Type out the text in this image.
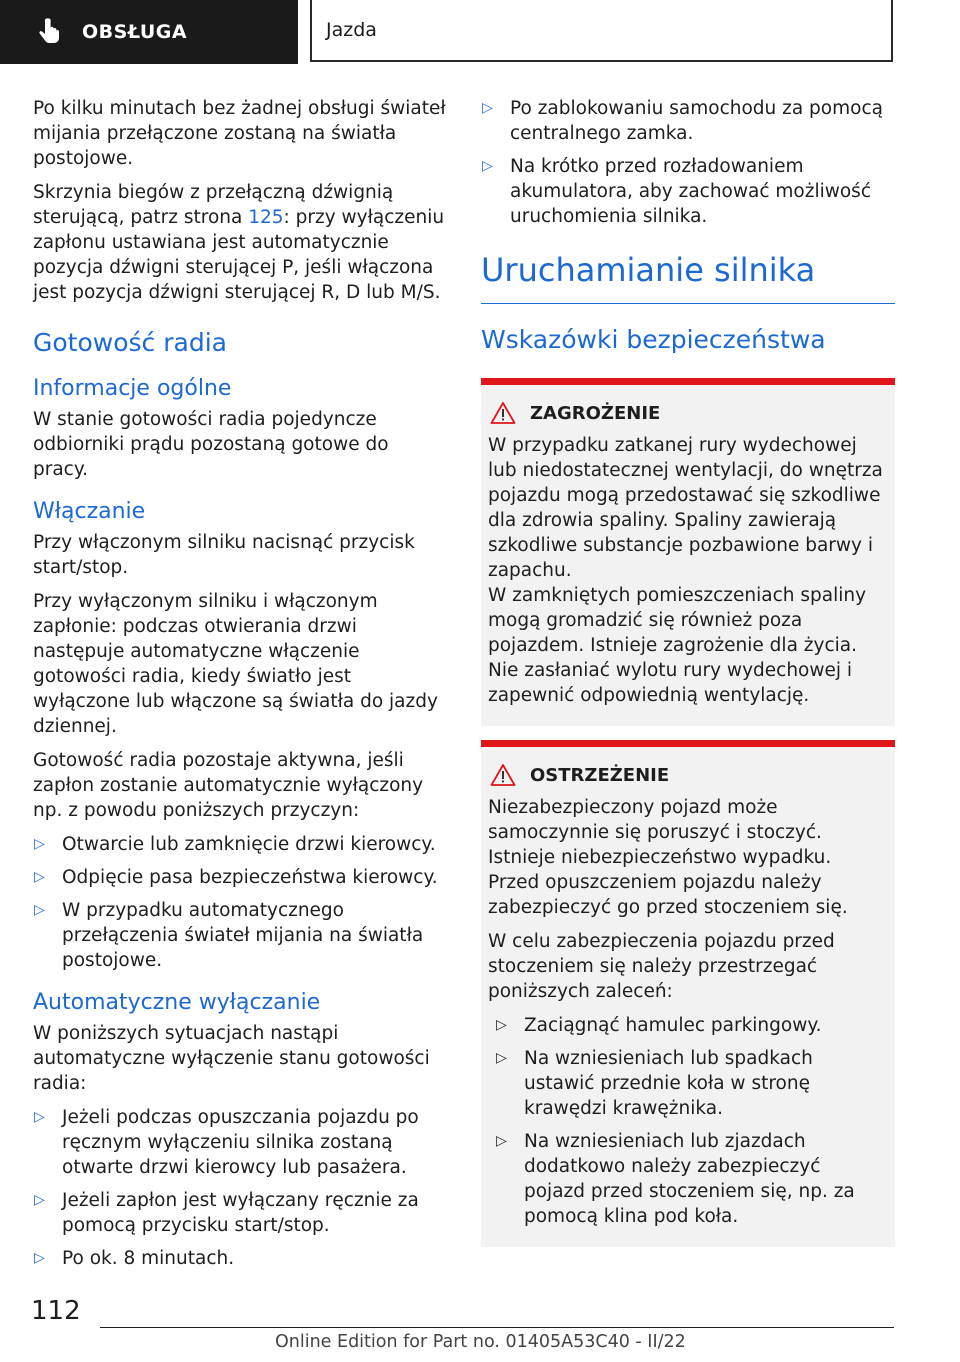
OBSŁUGA	Jazda

Po kilku minutach bez żadnej obsługi świateł mijania przełączone zostaną na światła postojowe.

Skrzynia biegów z przełączną dźwignią sterującą, patrz strona 125: przy wyłączeniu zapłonu ustawiana jest automatycznie pozycja dźwigni sterującej P, jeśli włączona jest pozycja dźwigni sterującej R, D lub M/S.

Gotowość radia
Informacje ogólne

W stanie gotowości radia pojedyncze odbiorniki prądu pozostaną gotowe do pracy.

Włączanie

Przy włączonym silniku nacisnąć przycisk start/stop.

Przy wyłączonym silniku i włączonym zapłonie: podczas otwierania drzwi następuje automatyczne włączenie gotowości radia, kiedy światło jest wyłączone lub włączone są światła do jazdy dziennej.

Gotowość radia pozostaje aktywna, jeśli zapłon zostanie automatycznie wyłączony np. z powodu poniższych przyczyn:

▷ Otwarcie lub zamknięcie drzwi kierowcy.
▷ Odpięcie pasa bezpieczeństwa kierowcy.
▷ W przypadku automatycznego przełączenia świateł mijania na światła postojowe.
Automatyczne wyłączanie

W poniższych sytuacjach nastąpi automatyczne wyłączenie stanu gotowości radia:

▷ Jeżeli podczas opuszczania pojazdu po ręcznym wyłączeniu silnika zostaną otwarte drzwi kierowcy lub pasażera.
▷ Jeżeli zapłon jest wyłączany ręcznie za pomocą przycisku start/stop.
▷ Po ok. 8 minutach.
▷ Po zablokowaniu samochodu za pomocą centralnego zamka.
▷ Na krótko przed rozładowaniem akumulatora, aby zachować możliwość uruchomienia silnika.
Uruchamianie silnika
Wskazówki bezpieczeństwa
ZAGROŻENIE

W przypadku zatkanej rury wydechowej lub niedostatecznej wentylacji, do wnętrza pojazdu mogą przedostawać się szkodliwe dla zdrowia spaliny. Spaliny zawierają szkodliwe substancje pozbawione barwy i zapachu.

W zamkniętych pomieszczeniach spaliny mogą gromadzić się również poza pojazdem. Istnieje zagrożenie dla życia. Nie zasłaniać wylotu rury wydechowej i zapewnić odpowiednią wentylację.

OSTRZEŻENIE

Niezabezpieczony pojazd może samoczynnie się poruszyć i stoczyć. Istnieje niebezpieczeństwo wypadku. Przed opuszczeniem pojazdu należy zabezpieczyć go przed stoczeniem się.

W celu zabezpieczenia pojazdu przed stoczeniem się należy przestrzegać poniższych zaleceń:

▷ Zaciągnąć hamulec parkingowy.
▷ Na wzniesieniach lub spadkach ustawić przednie koła w stronę krawędzi krawężnika.
▷ Na wzniesieniach lub zjazdach dodatkowo należy zabezpieczyć pojazd przed stoczeniem się, np. za pomocą klina pod koła.
112
Online Edition for Part no. 01405A53C40 - II/22
